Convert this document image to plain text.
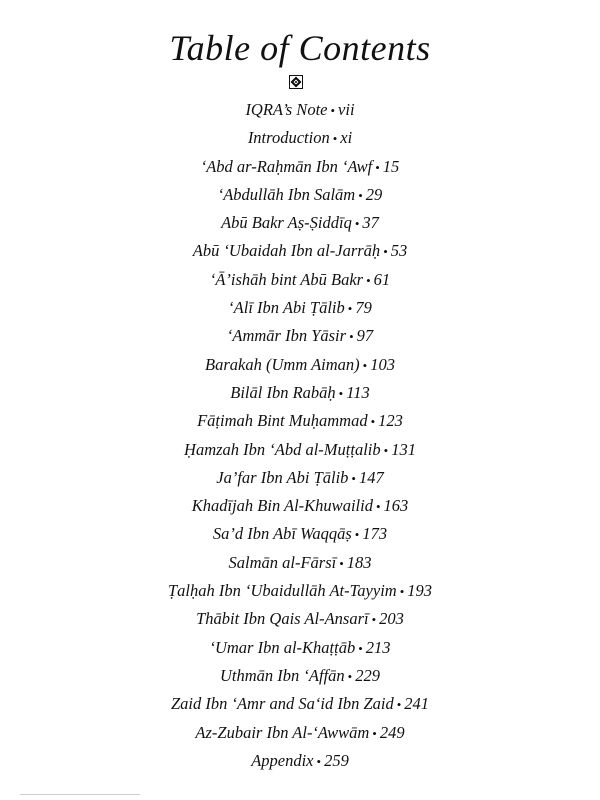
Table of Contents
IQRA’s Note • vii
Introduction • xi
‘Abd ar-Raḥmān Ibn ‘Awf • 15
‘Abdullāh Ibn Salām • 29
Abū Bakr Aṣ-Ṣiddīq • 37
Abū ‘Ubaidah Ibn al-Jarrāḥ • 53
‘Ā’ishāh bint Abū Bakr • 61
‘Alī Ibn Abi Ṭālib • 79
‘Ammār Ibn Yāsir • 97
Barakah (Umm Aiman) • 103
Bilāl Ibn Rabāḥ • 113
Fāṭimah Bint Muḥammad • 123
Ḥamzah Ibn ‘Abd al-Muṭṭalib • 131
Ja’far Ibn Abi Ṭālib • 147
Khadījah Bin Al-Khuwailid • 163
Sa’d Ibn Abī Waqqāṣ • 173
Salmān al-Fārsī • 183
Ṭalḥah Ibn ‘Ubaidullāh At-Tayyim • 193
Thābit Ibn Qais Al-Ansarī • 203
‘Umar Ibn al-Khaṭṭāb • 213
Uthmān Ibn ‘Affān • 229
Zaid Ibn ‘Amr and Sa‘id Ibn Zaid • 241
Az-Zubair Ibn Al-‘Awwām • 249
Appendix • 259
